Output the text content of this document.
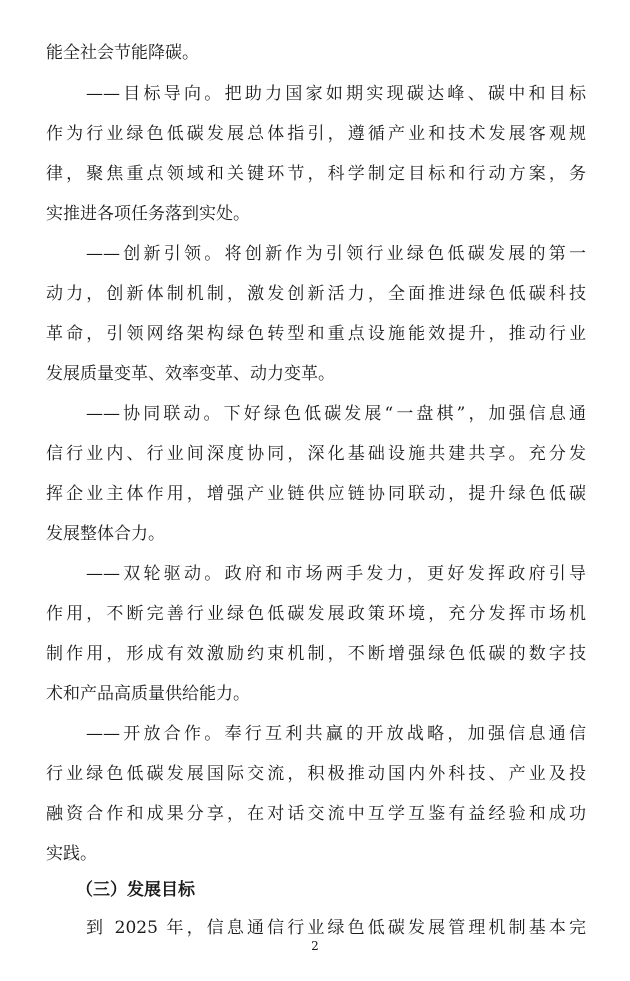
能全社会节能降碳。
——目标导向。把助力国家如期实现碳达峰、碳中和目标
作为行业绿色低碳发展总体指引，遵循产业和技术发展客观规
律，聚焦重点领域和关键环节，科学制定目标和行动方案，务
实推进各项任务落到实处。
——创新引领。将创新作为引领行业绿色低碳发展的第一
动力，创新体制机制，激发创新活力，全面推进绿色低碳科技
革命，引领网络架构绿色转型和重点设施能效提升，推动行业
发展质量变革、效率变革、动力变革。
——协同联动。下好绿色低碳发展“一盘棋”，加强信息通
信行业内、行业间深度协同，深化基础设施共建共享。充分发
挥企业主体作用，增强产业链供应链协同联动，提升绿色低碳
发展整体合力。
——双轮驱动。政府和市场两手发力，更好发挥政府引导
作用，不断完善行业绿色低碳发展政策环境，充分发挥市场机
制作用，形成有效激励约束机制，不断增强绿色低碳的数字技
术和产品高质量供给能力。
——开放合作。奉行互利共赢的开放战略，加强信息通信
行业绿色低碳发展国际交流，积极推动国内外科技、产业及投
融资合作和成果分享，在对话交流中互学互鉴有益经验和成功
实践。
（三）发展目标
到 2025 年，信息通信行业绿色低碳发展管理机制基本完
2
